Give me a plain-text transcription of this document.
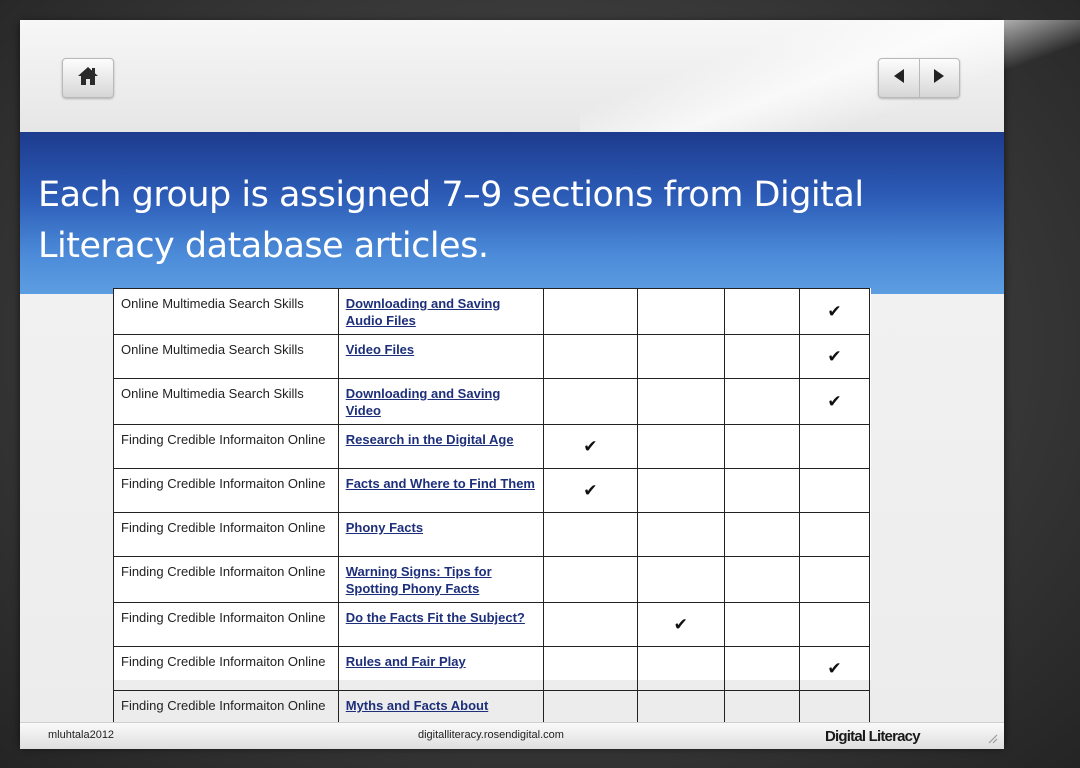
Each group is assigned 7–9 sections from Digital Literacy database articles.
Online Multimedia Search Skills	Downloading and Saving Audio Files				✔
Online Multimedia Search Skills	Video Files				✔
Online Multimedia Search Skills	Downloading and Saving Video				✔
Finding Credible Informaiton Online	Research in the Digital Age	✔			
Finding Credible Informaiton Online	Facts and Where to Find Them	✔			
Finding Credible Informaiton Online	Phony Facts				
Finding Credible Informaiton Online	Warning Signs: Tips for Spotting Phony Facts				
Finding Credible Informaiton Online	Do the Facts Fit the Subject?		✔		
Finding Credible Informaiton Online	Rules and Fair Play				✔
Finding Credible Informaiton Online	Myths and Facts About				
mluhtala2012	digitalliteracy.rosendigital.com	Digital Literacy
